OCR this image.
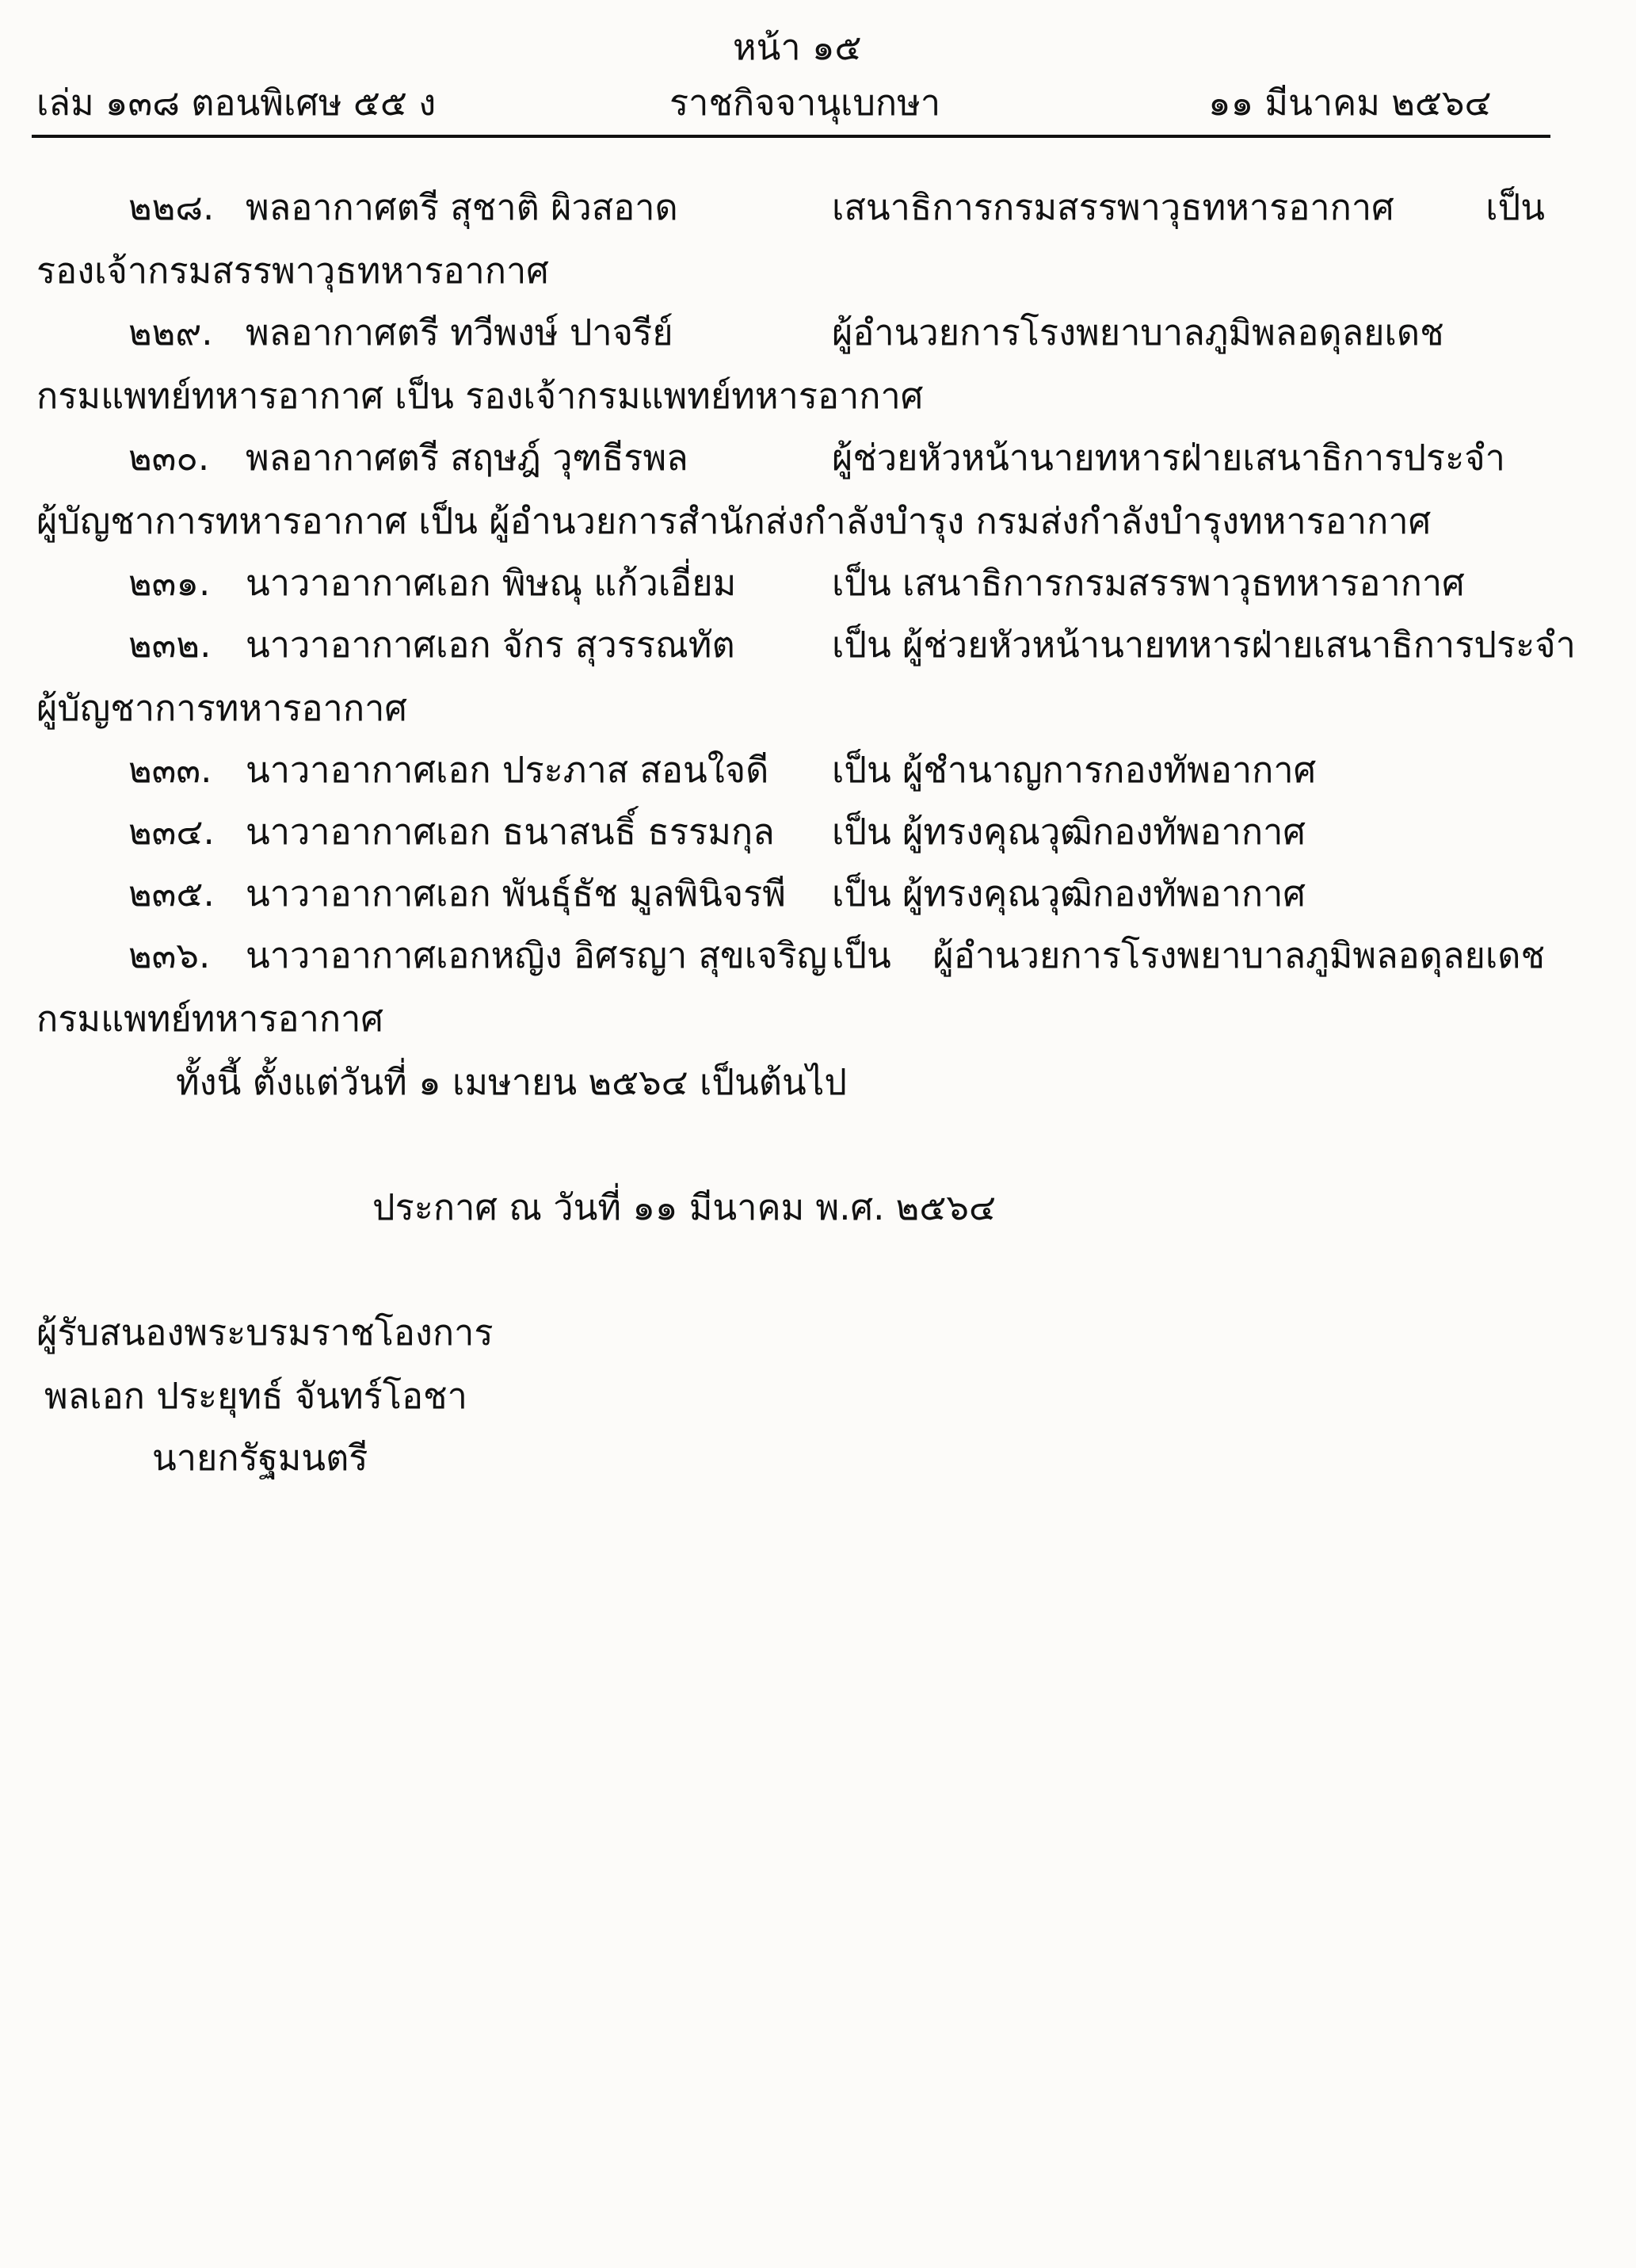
หน้า ๑๕
เล่ม ๑๓๘ ตอนพิเศษ ๕๕ ง	ราชกิจจานุเบกษา	๑๑ มีนาคม ๒๕๖๔
๒๒๘. พลอากาศตรี สุชาติ ผิวสอาด	เสนาธิการกรมสรรพาวุธทหารอากาศ เป็น
รองเจ้ากรมสรรพาวุธทหารอากาศ
๒๒๙. พลอากาศตรี ทวีพงษ์ ปาจรีย์	ผู้อำนวยการโรงพยาบาลภูมิพลอดุลยเดช
กรมแพทย์ทหารอากาศ เป็น รองเจ้ากรมแพทย์ทหารอากาศ
๒๓๐. พลอากาศตรี สฤษฎ์ วุฑธีรพล	ผู้ช่วยหัวหน้านายทหารฝ่ายเสนาธิการประจำ
ผู้บัญชาการทหารอากาศ เป็น ผู้อำนวยการสำนักส่งกำลังบำรุง กรมส่งกำลังบำรุงทหารอากาศ
๒๓๑. นาวาอากาศเอก พิษณุ แก้วเอี่ยม	เป็น เสนาธิการกรมสรรพาวุธทหารอากาศ
๒๓๒. นาวาอากาศเอก จักร สุวรรณทัต	เป็น ผู้ช่วยหัวหน้านายทหารฝ่ายเสนาธิการประจำ
ผู้บัญชาการทหารอากาศ
๒๓๓. นาวาอากาศเอก ประภาส สอนใจดี เป็น ผู้ชำนาญการกองทัพอากาศ
๒๓๔. นาวาอากาศเอก ธนาสนธิ์ ธรรมกุล เป็น ผู้ทรงคุณวุฒิกองทัพอากาศ
๒๓๕. นาวาอากาศเอก พันธุ์ธัช มูลพินิจรพี เป็น ผู้ทรงคุณวุฒิกองทัพอากาศ
๒๓๖. นาวาอากาศเอกหญิง อิศรญา สุขเจริญ เป็น ผู้อำนวยการโรงพยาบาลภูมิพลอดุลยเดช
กรมแพทย์ทหารอากาศ
ทั้งนี้ ตั้งแต่วันที่ ๑ เมษายน ๒๕๖๔ เป็นต้นไป
ประกาศ ณ วันที่ ๑๑ มีนาคม พ.ศ. ๒๕๖๔
ผู้รับสนองพระบรมราชโองการ
พลเอก ประยุทธ์ จันทร์โอชา
นายกรัฐมนตรี
